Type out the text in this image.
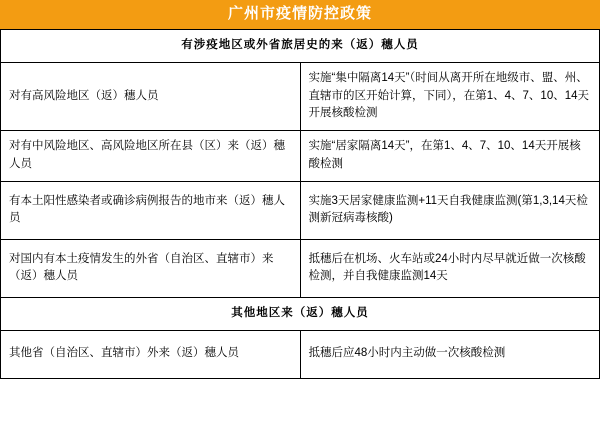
广州市疫情防控政策
有涉疫地区或外省旅居史的来（返）穗人员	
对有高风险地区（返）穗人员	实施“集中隔离14天”（时间从离开所在地级市、盟、州、直辖市的区开始计算，下同），在第1、4、7、10、14天开展核酸检测
对有中风险地区、高风险地区所在县（区）来（返）穗人员	实施“居家隔离14天”，在第1、4、7、10、14天开展核酸检测
有本土阳性感染者或确诊病例报告的地市来（返）穗人员	实施3天居家健康监测+11天自我健康监测(第1,3,14天检测新冠病毒核酸)
对国内有本土疫情发生的外省（自治区、直辖市）来（返）穗人员	抵穗后在机场、火车站或24小时内尽早就近做一次核酸检测，并自我健康监测14天
其他地区来（返）穗人员	
其他省（自治区、直辖市）外来（返）穗人员	抵穗后应48小时内主动做一次核酸检测
